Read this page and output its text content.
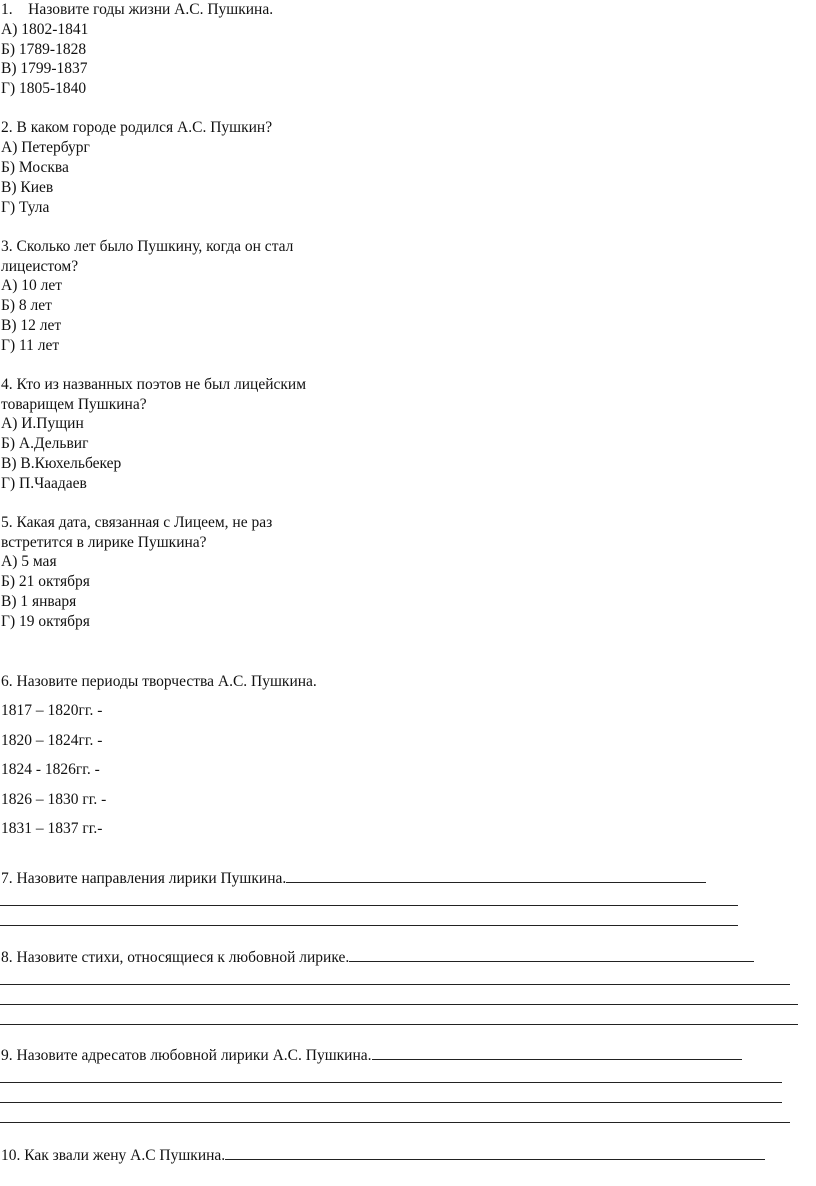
1. Назовите годы жизни А.С. Пушкина.
А) 1802-1841
Б) 1789-1828
В) 1799-1837
Г) 1805-1840
2. В каком городе родился А.С. Пушкин?
А) Петербург
Б) Москва
В) Киев
Г) Тула
3. Сколько лет было Пушкину, когда он стал
лицеистом?
А) 10 лет
Б) 8 лет
В) 12 лет
Г) 11 лет
4. Кто из названных поэтов не был лицейским
товарищем Пушкина?
А) И.Пущин
Б) А.Дельвиг
В) В.Кюхельбекер
Г) П.Чаадаев
5. Какая дата, связанная с Лицеем, не раз
встретится в лирике Пушкина?
А) 5 мая
Б) 21 октября
В) 1 января
Г) 19 октября
6. Назовите периоды творчества А.С. Пушкина.
1817 – 1820гг. -
1820 – 1824гг. -
1824 - 1826гг. -
1826 – 1830 гг. -
1831 – 1837 гг.-
7. Назовите направления лирики Пушкина.
8. Назовите стихи, относящиеся к любовной лирике.
9. Назовите адресатов любовной лирики А.С. Пушкина.
10. Как звали жену А.С Пушкина.
